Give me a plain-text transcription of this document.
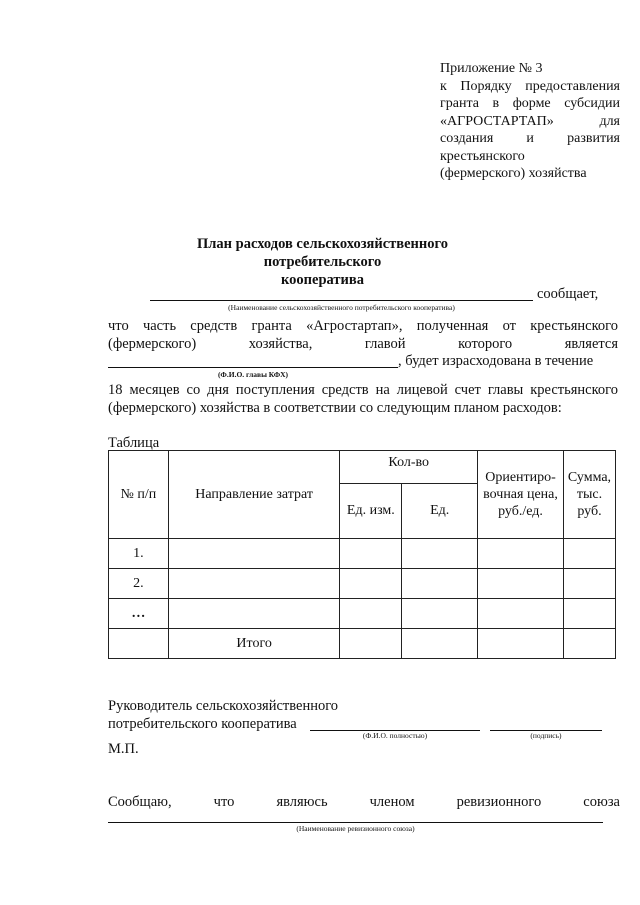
Приложение № 3
к Порядку предоставления
гранта в форме субсидии
«АГРОСТАРТАП» для
создания и развития
крестьянского
(фермерского) хозяйства
План расходов сельскохозяйственного потребительского
кооператива
сообщает,
(Наименование сельскохозяйственного потребительского кооператива)
что часть средств гранта «Агростартап», полученная от крестьянского
(фермерского) хозяйства, главой которого является
, будет израсходована в течение
(Ф.И.О. главы КФХ)
18 месяцев со дня поступления средств на лицевой счет главы крестьянского
(фермерского) хозяйства в соответствии со следующим планом расходов:
Таблица
№ п/п	Направление затрат	Кол-во		Ориентиро-вочная цена, руб./ед.	Сумма, тыс. руб.
		Ед. изм.	Ед.		
1.					
2.					
…					
	Итого				
Руководитель сельскохозяйственного
потребительского кооператива
(Ф.И.О. полностью)	(подпись)
М.П.
Сообщаю, что являюсь членом ревизионного союза
(Наименование ревизионного союза)
